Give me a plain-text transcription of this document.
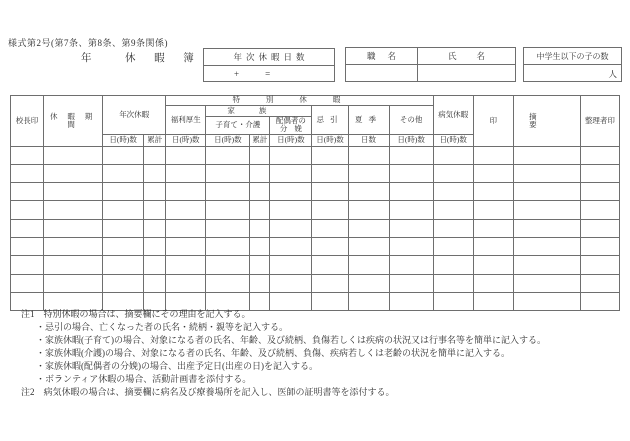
様式第2号(第7条、第8条、第9条関係)
年	休 暇 簿	年次休暇日数
+	=
職名	氏名	中学生以下の子の数
人
校長印	休 暇 期 間	年次休暇		特別休暇							病気休暇	印	摘要	整理者印
				福利厚生	家族			忌引	夏季	その他				
					子育て・介護		配偶者の
分娩							
		日(時)数	累計	日(時)数	日(時)数	累計	日(時)数	日(時)数	日数	日(時)数	日(時)数			

注1　特別休暇の場合は、摘要欄にその理由を記入する。
・忌引の場合、亡くなった者の氏名・続柄・親等を記入する。
・家族休暇(子育て)の場合、対象になる者の氏名、年齢、及び続柄、負傷若しくは疾病の状況又は行事名等を簡単に記入する。
・家族休暇(介護)の場合、対象になる者の氏名、年齢、及び続柄、負傷、疾病若しくは老齢の状況を簡単に記入する。
・家族休暇(配偶者の分娩)の場合、出産予定日(出産の日)を記入する。
・ボランティア休暇の場合、活動計画書を添付する。
注2　病気休暇の場合は、摘要欄に病名及び療養場所を記入し、医師の証明書等を添付する。
